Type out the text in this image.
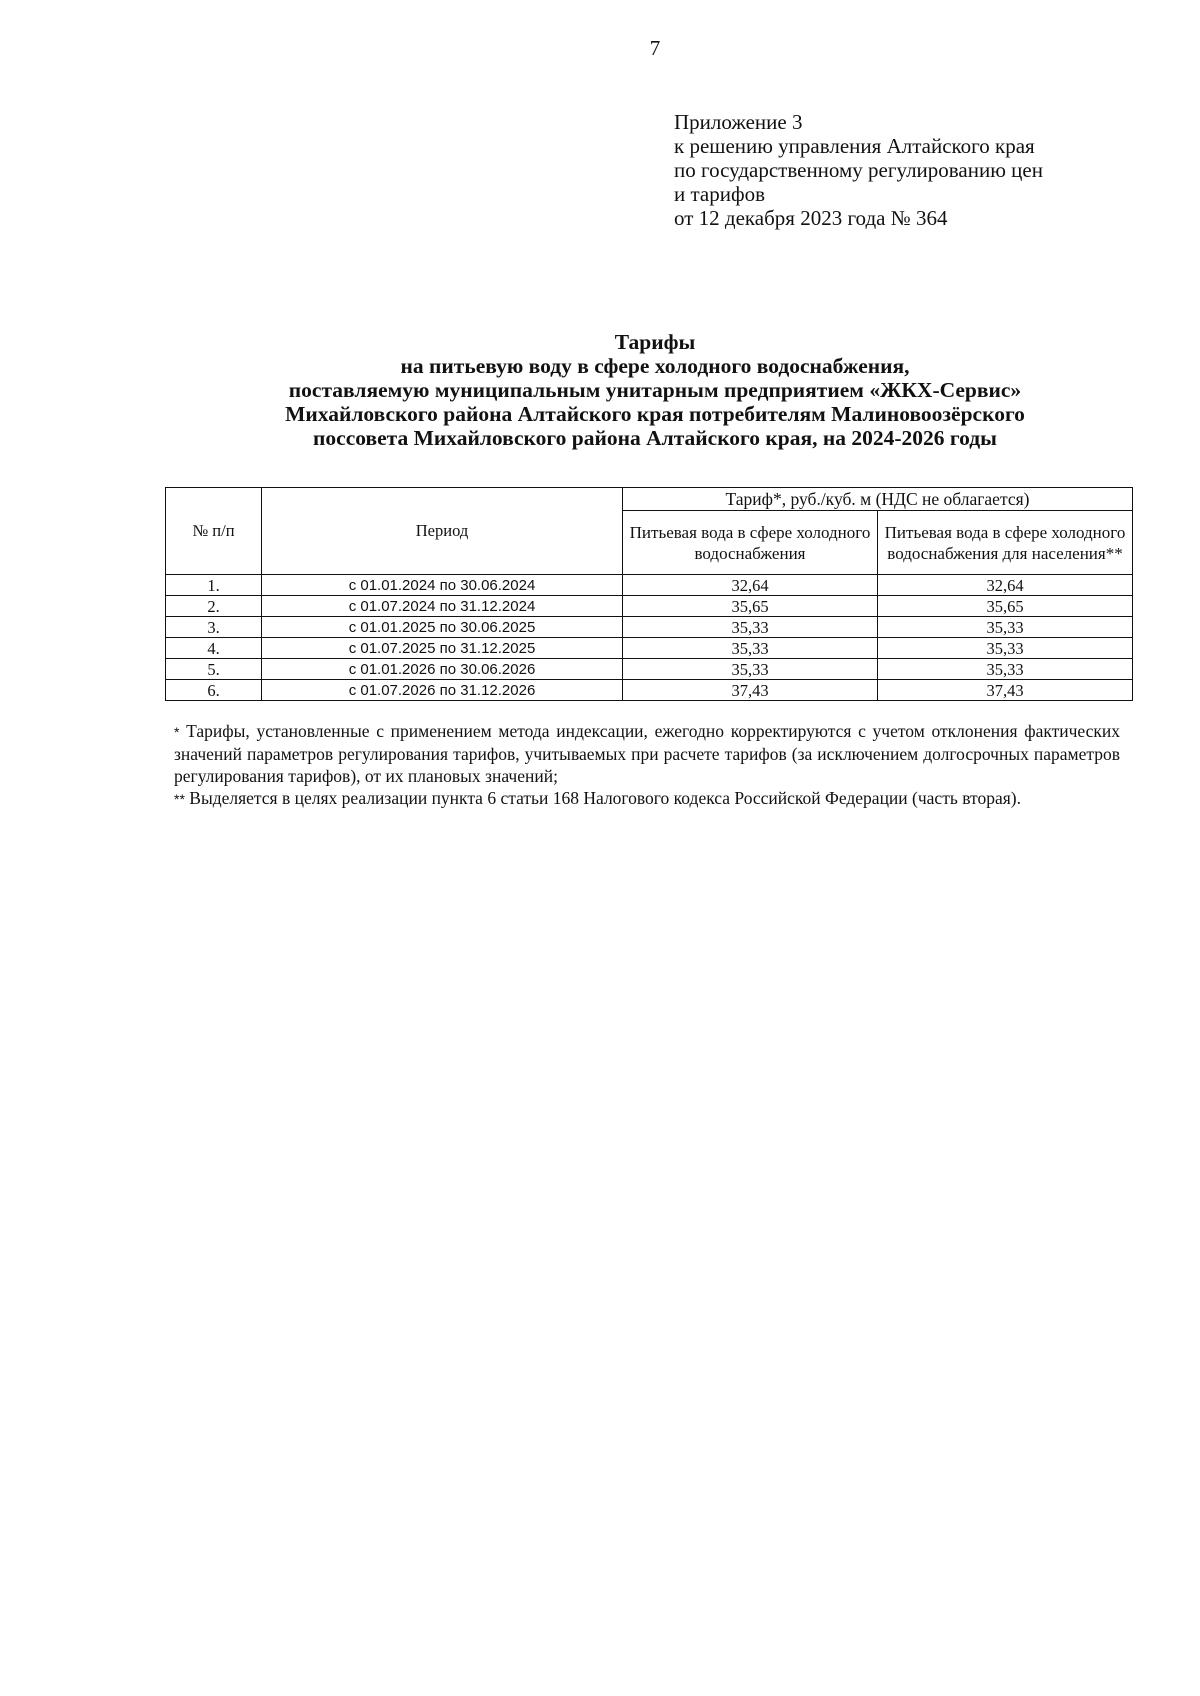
7
Приложение 3
к решению управления Алтайского края
по государственному регулированию цен
и тарифов
от 12 декабря 2023 года № 364
Тарифы
на питьевую воду в сфере холодного водоснабжения,
поставляемую муниципальным унитарным предприятием «ЖКХ-Сервис»
Михайловского района Алтайского края потребителям Малиновоозёрского
поссовета Михайловского района Алтайского края, на 2024-2026 годы
№ п/п	Период	Тариф*, руб./куб. м (НДС не облагается)	
		Питьевая вода в сфере холодного водоснабжения	Питьевая вода в сфере холодного водоснабжения для населения**
1.	с 01.01.2024 по 30.06.2024	32,64	32,64
2.	с 01.07.2024 по 31.12.2024	35,65	35,65
3.	с 01.01.2025 по 30.06.2025	35,33	35,33
4.	с 01.07.2025 по 31.12.2025	35,33	35,33
5.	с 01.01.2026 по 30.06.2026	35,33	35,33
6.	с 01.07.2026 по 31.12.2026	37,43	37,43

* Тарифы, установленные с применением метода индексации, ежегодно корректируются с учетом отклонения фактических значений параметров регулирования тарифов, учитываемых при расчете тарифов (за исключением долгосрочных параметров регулирования тарифов), от их плановых значений;

** Выделяется в целях реализации пункта 6 статьи 168 Налогового кодекса Российской Федерации (часть вторая).
